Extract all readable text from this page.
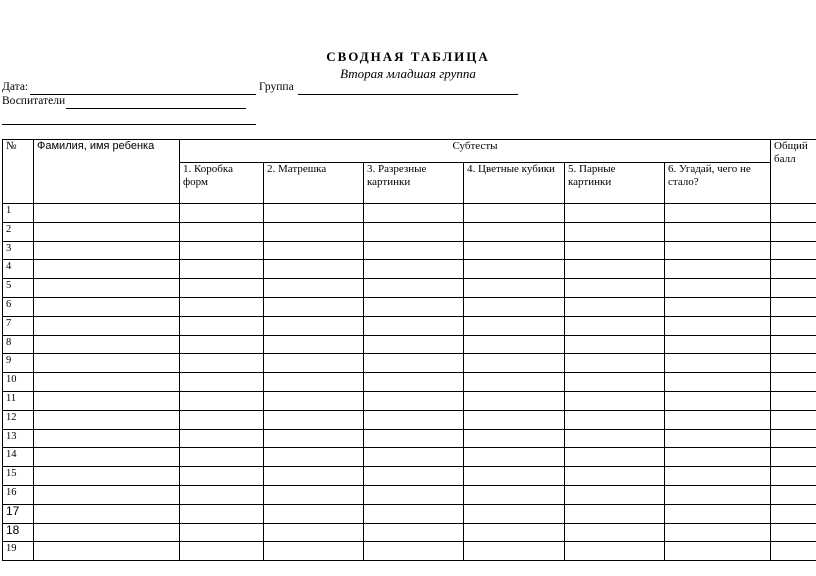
СВОДНАЯ ТАБЛИЦА
Вторая младшая группа
Дата:	Группа
Воспитатели
№	Фамилия, имя ребенка	Субтесты						Общий балл
		1. Коробка форм	2. Матрешка	3. Разрезные картинки	4. Цветные кубики	5. Парные картинки	6. Угадай, чего не стало?	
1								
2								
3								
4								
5								
6								
7								
8								
9								
10								
11								
12								
13								
14								
15								
16								
17								
18								
19								
